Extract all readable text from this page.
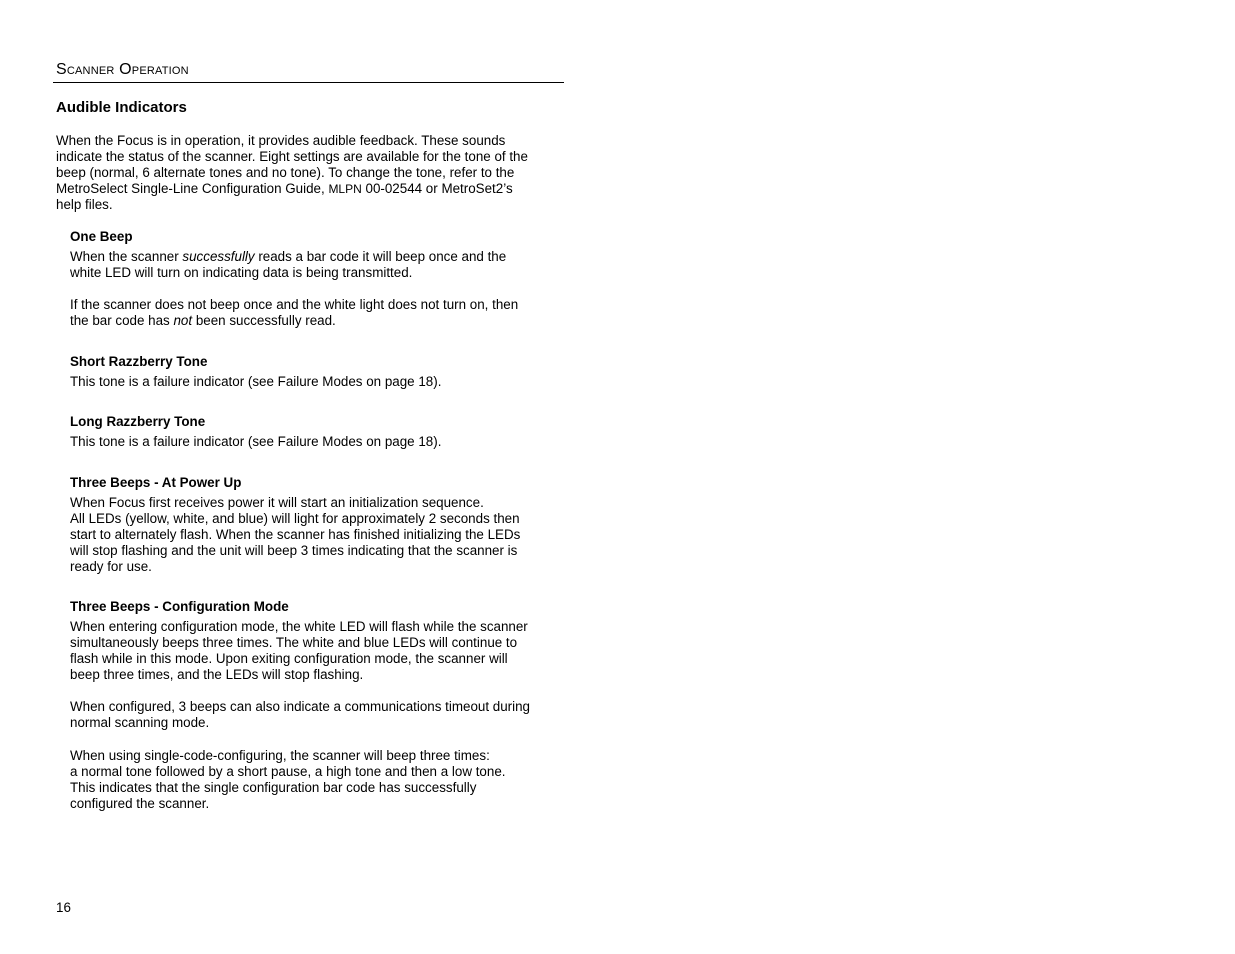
Scanner Operation
Audible Indicators
When the Focus is in operation, it provides audible feedback. These sounds
indicate the status of the scanner. Eight settings are available for the tone of the
beep (normal, 6 alternate tones and no tone). To change the tone, refer to the
MetroSelect Single-Line Configuration Guide, MLPN 00-02544 or MetroSet2’s
help files.
One Beep
When the scanner successfully reads a bar code it will beep once and the
white LED will turn on indicating data is being transmitted.
If the scanner does not beep once and the white light does not turn on, then
the bar code has not been successfully read.
Short Razzberry Tone
This tone is a failure indicator (see Failure Modes on page 18).
Long Razzberry Tone
This tone is a failure indicator (see Failure Modes on page 18).
Three Beeps - At Power Up
When Focus first receives power it will start an initialization sequence.
All LEDs (yellow, white, and blue) will light for approximately 2 seconds then
start to alternately flash. When the scanner has finished initializing the LEDs
will stop flashing and the unit will beep 3 times indicating that the scanner is
ready for use.
Three Beeps - Configuration Mode
When entering configuration mode, the white LED will flash while the scanner
simultaneously beeps three times. The white and blue LEDs will continue to
flash while in this mode. Upon exiting configuration mode, the scanner will
beep three times, and the LEDs will stop flashing.
When configured, 3 beeps can also indicate a communications timeout during
normal scanning mode.
When using single-code-configuring, the scanner will beep three times:
a normal tone followed by a short pause, a high tone and then a low tone.
This indicates that the single configuration bar code has successfully
configured the scanner.
16
